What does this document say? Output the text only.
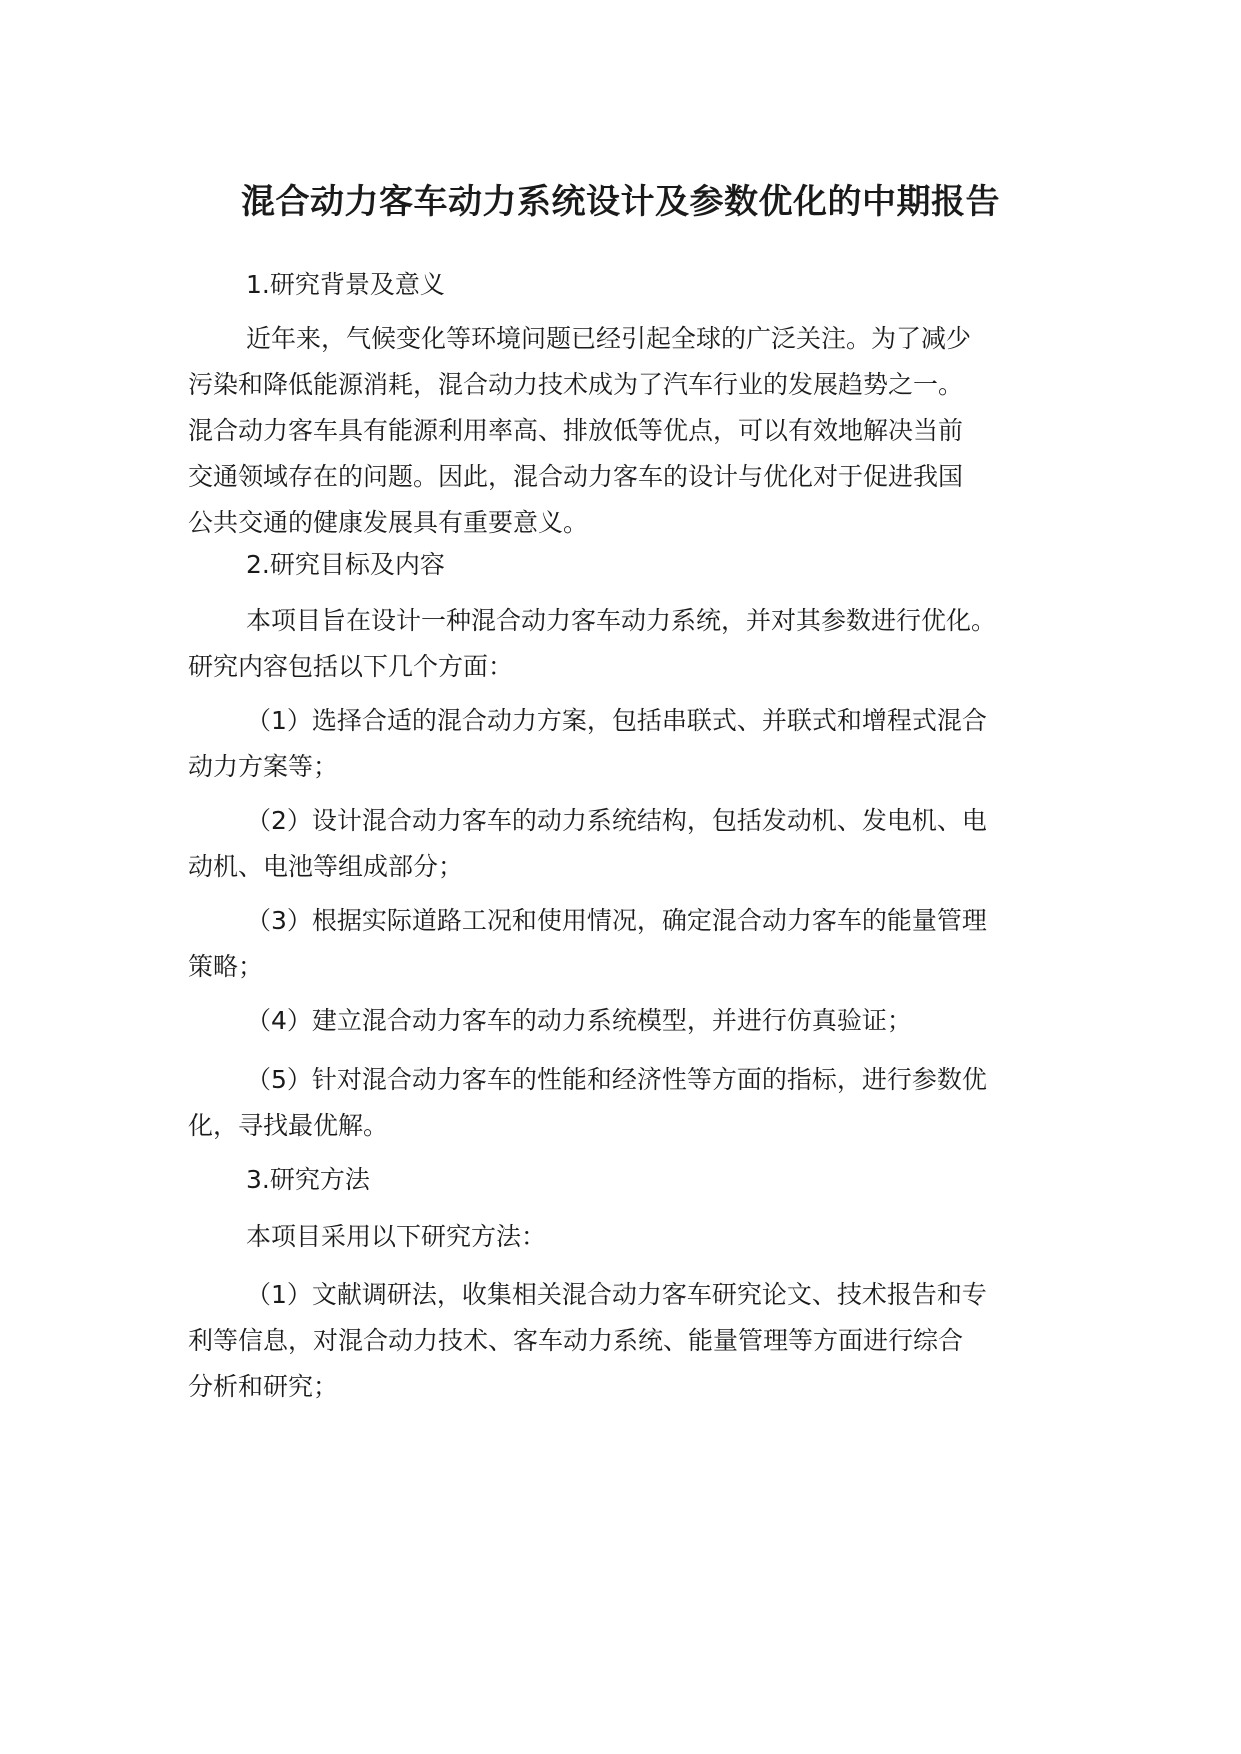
混合动力客车动力系统设计及参数优化的中期报告
1.研究背景及意义
近年来，气候变化等环境问题已经引起全球的广泛关注。为了减少
污染和降低能源消耗，混合动力技术成为了汽车行业的发展趋势之一。
混合动力客车具有能源利用率高、排放低等优点，可以有效地解决当前
交通领域存在的问题。因此，混合动力客车的设计与优化对于促进我国
公共交通的健康发展具有重要意义。
2.研究目标及内容
本项目旨在设计一种混合动力客车动力系统，并对其参数进行优化。
研究内容包括以下几个方面：
（1）选择合适的混合动力方案，包括串联式、并联式和增程式混合
动力方案等；
（2）设计混合动力客车的动力系统结构，包括发动机、发电机、电
动机、电池等组成部分；
（3）根据实际道路工况和使用情况，确定混合动力客车的能量管理
策略；
（4）建立混合动力客车的动力系统模型，并进行仿真验证；
（5）针对混合动力客车的性能和经济性等方面的指标，进行参数优
化，寻找最优解。
3.研究方法
本项目采用以下研究方法：
（1）文献调研法，收集相关混合动力客车研究论文、技术报告和专
利等信息，对混合动力技术、客车动力系统、能量管理等方面进行综合
分析和研究；
